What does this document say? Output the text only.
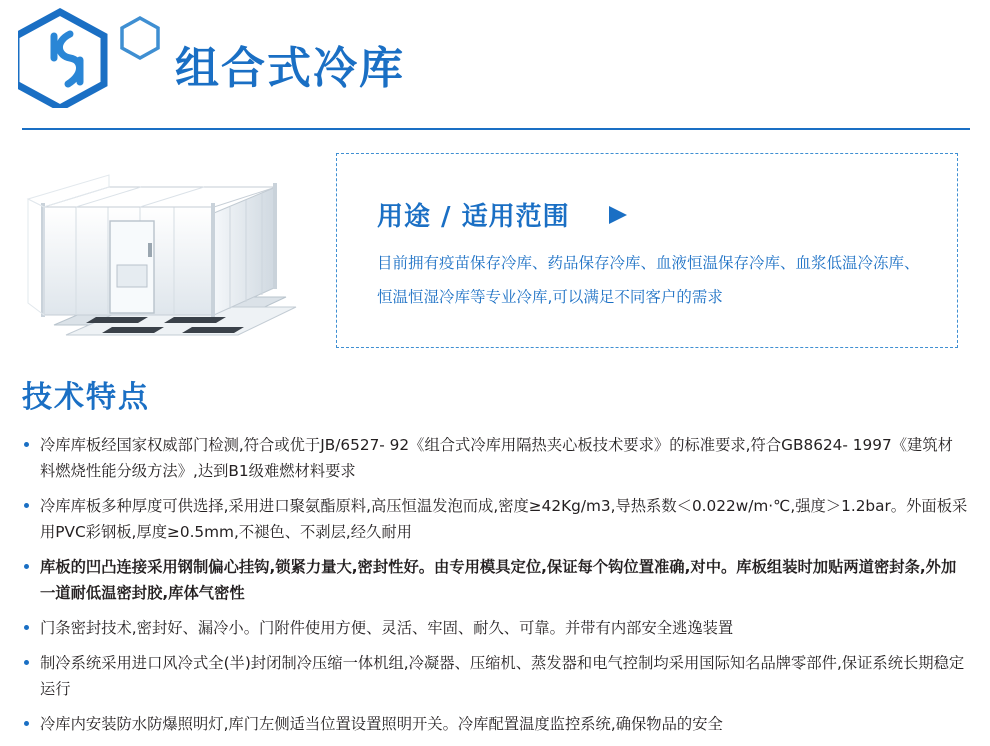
组合式冷库
用途 / 适用范围
目前拥有疫苗保存冷库、药品保存冷库、血液恒温保存冷库、血浆低温冷冻库、恒温恒湿冷库等专业冷库,可以满足不同客户的需求
技术特点
冷库库板经国家权威部门检测,符合或优于JB/6527- 92《组合式冷库用隔热夹心板技术要求》的标准要求,符合GB8624- 1997《建筑材料燃烧性能分级方法》,达到B1级难燃材料要求
冷库库板多种厚度可供选择,采用进口聚氨酯原料,高压恒温发泡而成,密度≥42Kg/m3,导热系数＜0.022w/m·℃,强度＞1.2bar。外面板采用PVC彩钢板,厚度≥0.5mm,不褪色、不剥层,经久耐用
库板的凹凸连接采用钢制偏心挂钩,锁紧力量大,密封性好。由专用模具定位,保证每个钩位置准确,对中。库板组装时加贴两道密封条,外加一道耐低温密封胶,库体气密性
门条密封技术,密封好、漏冷小。门附件使用方便、灵活、牢固、耐久、可靠。并带有内部安全逃逸装置
制冷系统采用进口风冷式全(半)封闭制冷压缩一体机组,冷凝器、压缩机、蒸发器和电气控制均采用国际知名品牌零部件,保证系统长期稳定运行
冷库内安装防水防爆照明灯,库门左侧适当位置设置照明开关。冷库配置温度监控系统,确保物品的安全
